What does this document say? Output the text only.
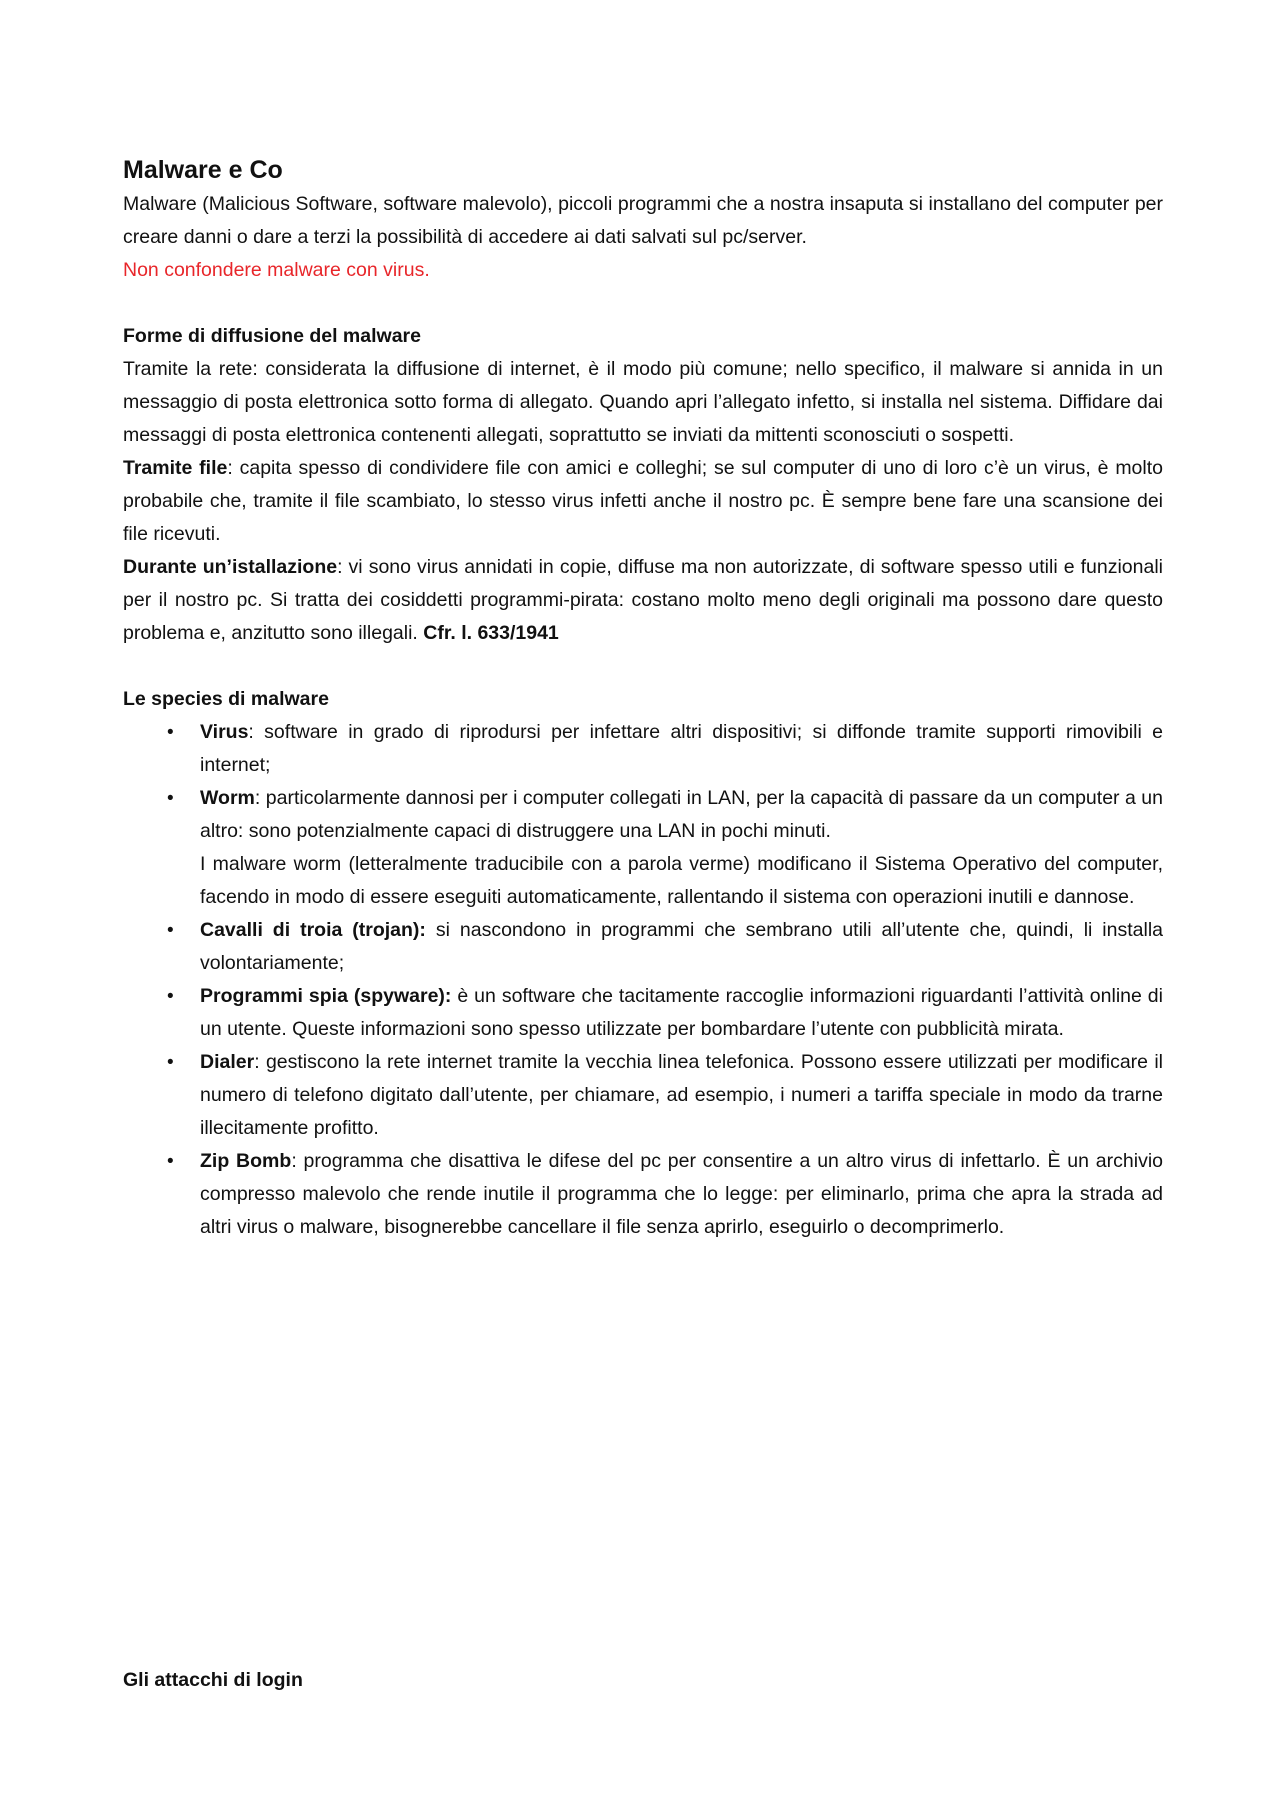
Malware e Co

Malware (Malicious Software, software malevolo), piccoli programmi che a nostra insaputa si installano del computer per creare danni o dare a terzi la possibilità di accedere ai dati salvati sul pc/server.

Non confondere malware con virus.

Forme di diffusione del malware

Tramite la rete: considerata la diffusione di internet, è il modo più comune; nello specifico, il malware si annida in un messaggio di posta elettronica sotto forma di allegato. Quando apri l’allegato infetto, si installa nel sistema. Diffidare dai messaggi di posta elettronica contenenti allegati, soprattutto se inviati da mittenti sconosciuti o sospetti.

Tramite file: capita spesso di condividere file con amici e colleghi; se sul computer di uno di loro c’è un virus, è molto probabile che, tramite il file scambiato, lo stesso virus infetti anche il nostro pc. È sempre bene fare una scansione dei file ricevuti.

Durante un’istallazione: vi sono virus annidati in copie, diffuse ma non autorizzate, di software spesso utili e funzionali per il nostro pc. Si tratta dei cosiddetti programmi-pirata: costano molto meno degli originali ma possono dare questo problema e, anzitutto sono illegali. Cfr. l. 633/1941

Le species di malware

• Virus: software in grado di riprodursi per infettare altri dispositivi; si diffonde tramite supporti rimovibili e internet;
• Worm: particolarmente dannosi per i computer collegati in LAN, per la capacità di passare da un computer a un altro: sono potenzialmente capaci di distruggere una LAN in pochi minuti.

I malware worm (letteralmente traducibile con a parola verme) modificano il Sistema Operativo del computer, facendo in modo di essere eseguiti automaticamente, rallentando il sistema con operazioni inutili e dannose.

• Cavalli di troia (trojan): si nascondono in programmi che sembrano utili all’utente che, quindi, li installa volontariamente;
• Programmi spia (spyware): è un software che tacitamente raccoglie informazioni riguardanti l’attività online di un utente. Queste informazioni sono spesso utilizzate per bombardare l’utente con pubblicità mirata.
• Dialer: gestiscono la rete internet tramite la vecchia linea telefonica. Possono essere utilizzati per modificare il numero di telefono digitato dall’utente, per chiamare, ad esempio, i numeri a tariffa speciale in modo da trarne illecitamente profitto.
• Zip Bomb: programma che disattiva le difese del pc per consentire a un altro virus di infettarlo. È un archivio compresso malevolo che rende inutile il programma che lo legge: per eliminarlo, prima che apra la strada ad altri virus o malware, bisognerebbe cancellare il file senza aprirlo, eseguirlo o decomprimerlo.

Gli attacchi di login
